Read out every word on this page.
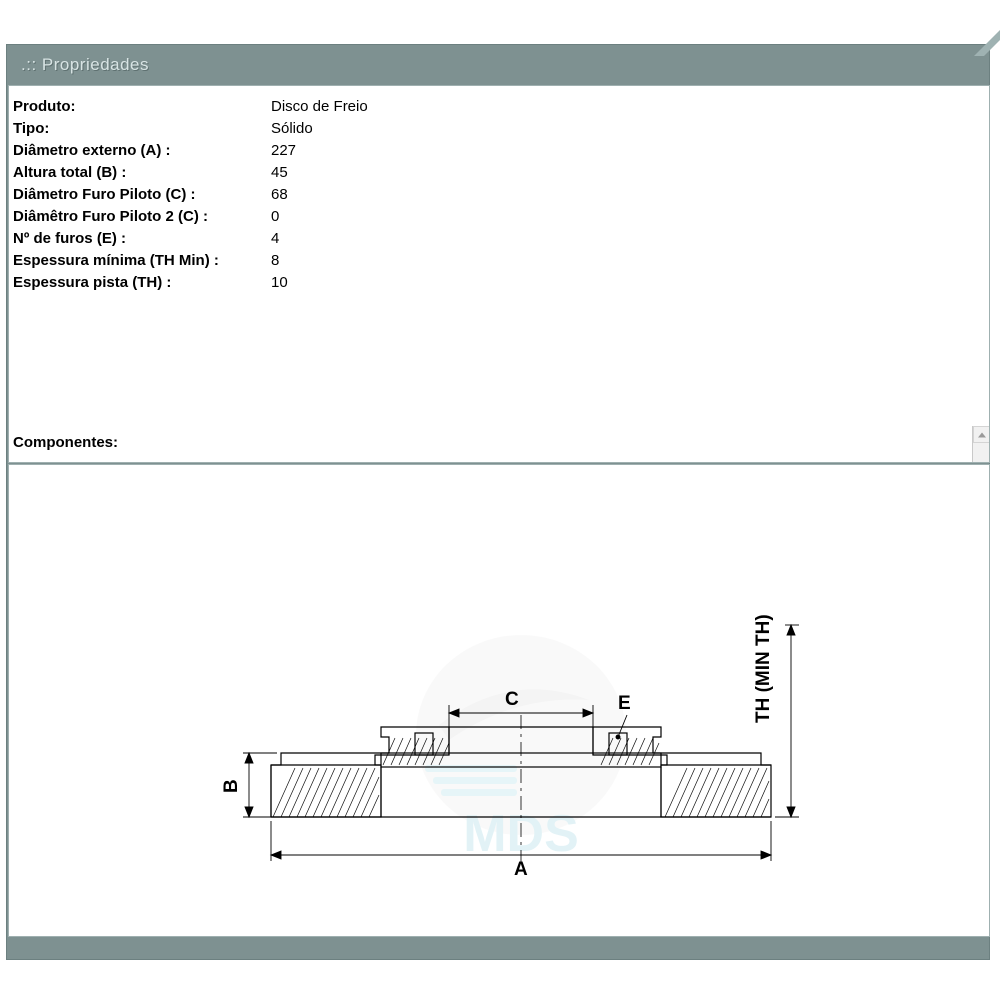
.:: Propriedades
Produto:	Disco de Freio
Tipo:	Sólido
Diâmetro externo (A) :	227
Altura total (B) :	45
Diâmetro Furo Piloto (C) :	68
Diâmêtro Furo Piloto 2 (C) :	0
Nº de furos (E) :	4
Espessura mínima (TH Min) :	8
Espessura pista (TH) :	10
Componentes:
MDS
A
B
C	E	TH (MIN TH)
